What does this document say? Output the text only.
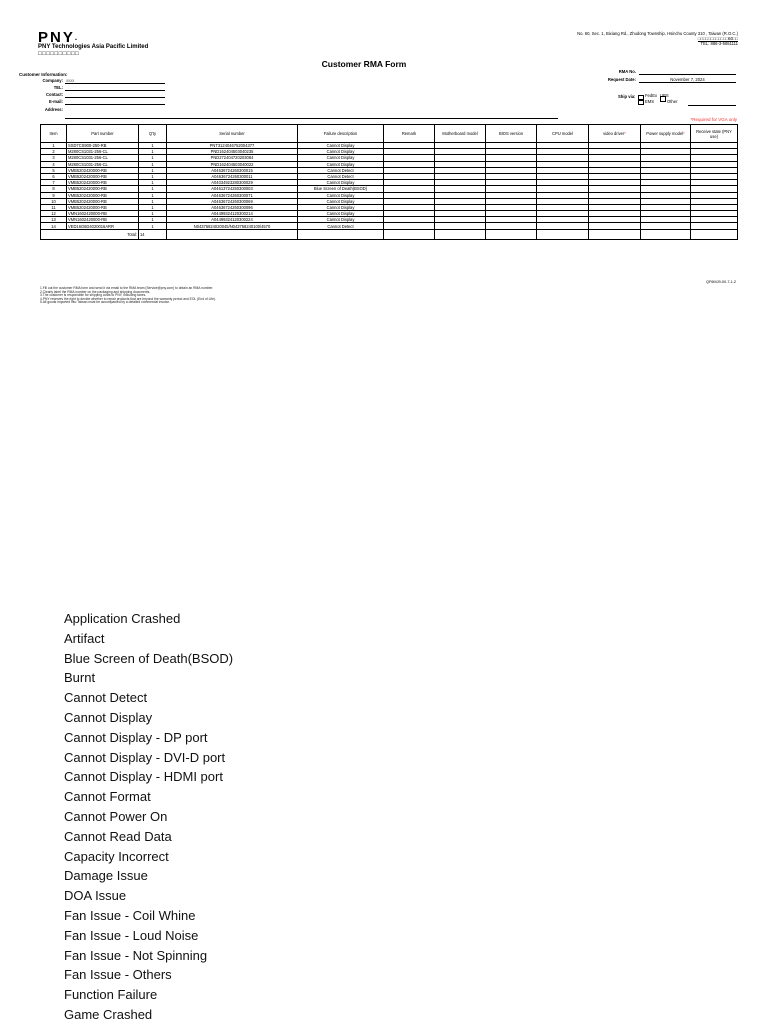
PNY.
PNY Technologies Asia Pacific Limited
□□□□□□□□□□
No. 60, Sec. 1, Bixiang Rd., Zhudong Township, Hsinchu County 310 , Taiwan (R.O.C.)
□□□□□□□□□□□□60□□
TEL: 886-3-5651111
Customer RMA Form
Customer Information:
Company: xxxx
TEL:
Contact:
E-mail:
Address:
RMA No.
Request Date:	November 7, 2024
Ship via:	FedEx UPS
EMS	Other
*Required for VGA only
Item	Part number	Q'ty	Serial number	Failure description	Remark	Motherboard model	BIOS version	CPU model	video driver*	Power supply model*	Receive state (PNY use)
1	SSD7CS900-250-RB	1	PNT3124046752004377	Cannot Display							
2	M280CS1031-256-CL	1	PND162404503040235	Cannot Display							
3	M280CS1031-256-CL	1	PND272404720203084	Cannot Display							
4	M280CS1031-256-CL	1	PND162404503040022	Cannot Display							
5	VMB5202420000-RB	1	A04636724260300015	Cannot Detect							
6	VMB5202420000-RB	1	A04636724260300011	Cannot Detect							
7	VMB5202420000-RB	1	A04034923280300029	Cannot Display							
8	VMB5202420000-RB	1	A04613724250300003	Blue Screen of Death(BSOD)							
9	VMB5202420000-RB	1	A04636724260300071	Cannot Display							
10	VMB5202420000-RB	1	A04636724260300069	Cannot Display							
11	VMB5202420000-RB	1	A04636724260300096	Cannot Display							
12	VMN1602420000-RB	1	A04499324120300214	Cannot Display							
13	VMN1602420000-RB	1	A04499324120300224	Cannot Display							
14	VED16G6D4020016ARR	1	N04375824020045/N043758240100/4570	Cannot Detect							
Total:		14									
QF6MJ9-00-7-1.2
1.Fill out the customer RMA form and send it via email to the RMA team (Service@pny.com) to obtain an RMA number.
2.Clearly label the RMA number on the packaging and shipping documents.
3.The customer is responsible for shipping costs to PNY, including taxes.
4.PNY reserves the right to decide whether to repair products that are beyond the warranty period and EOL (End of Life).
5.All goods imported into Taiwan must be accompanied by a detailed commercial invoice.
Application Crashed
Artifact
Blue Screen of Death(BSOD)
Burnt
Cannot Detect
Cannot Display
Cannot Display - DP port
Cannot Display - DVI-D port
Cannot Display - HDMI port
Cannot Format
Cannot Power On
Cannot Read Data
Capacity Incorrect
Damage Issue
DOA Issue
Fan Issue - Coil Whine
Fan Issue - Loud Noise
Fan Issue - Not Spinning
Fan Issue - Others
Function Failure
Game Crashed
